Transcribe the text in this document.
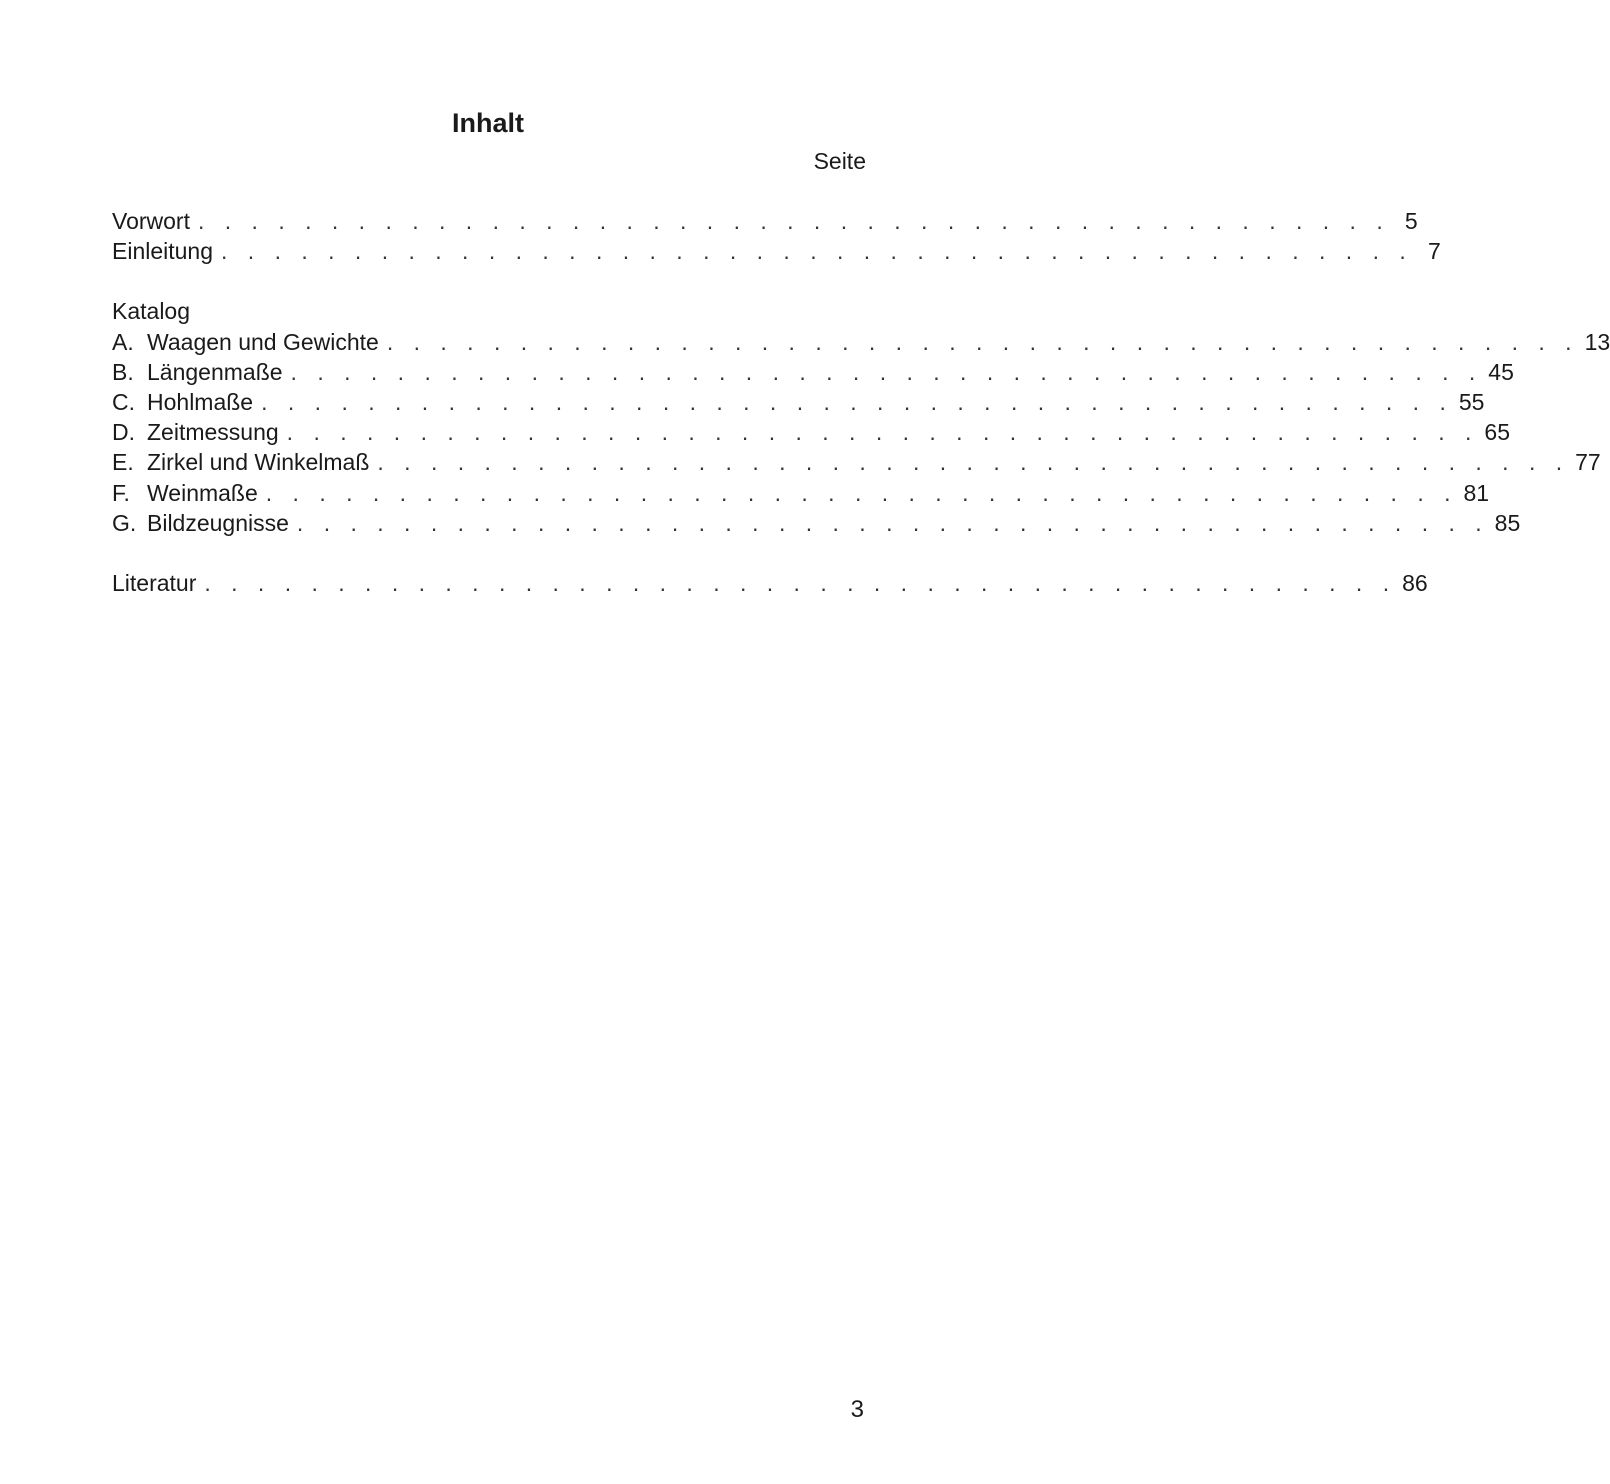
Inhalt
Seite
Vorwort . . . . . . . . . . . . . . . . . . . . . . . . . . . . . . . . . . . . . . . . . . . . . 5
Einleitung . . . . . . . . . . . . . . . . . . . . . . . . . . . . . . . . . . . . . . . . . . . . . 7
Katalog
A. Waagen und Gewichte . . . . . . . . . . . . . . . . . . . . . . . . . . . . . . . . . . . . . . . . . . . . . 13
B. Längenmaße . . . . . . . . . . . . . . . . . . . . . . . . . . . . . . . . . . . . . . . . . . . . . 45
C. Hohlmaße . . . . . . . . . . . . . . . . . . . . . . . . . . . . . . . . . . . . . . . . . . . . . 55
D. Zeitmessung . . . . . . . . . . . . . . . . . . . . . . . . . . . . . . . . . . . . . . . . . . . . . 65
E. Zirkel und Winkelmaß . . . . . . . . . . . . . . . . . . . . . . . . . . . . . . . . . . . . . . . . . . . . . 77
F. Weinmaße . . . . . . . . . . . . . . . . . . . . . . . . . . . . . . . . . . . . . . . . . . . . . 81
G. Bildzeugnisse . . . . . . . . . . . . . . . . . . . . . . . . . . . . . . . . . . . . . . . . . . . . . 85
Literatur . . . . . . . . . . . . . . . . . . . . . . . . . . . . . . . . . . . . . . . . . . . . . 86
3
